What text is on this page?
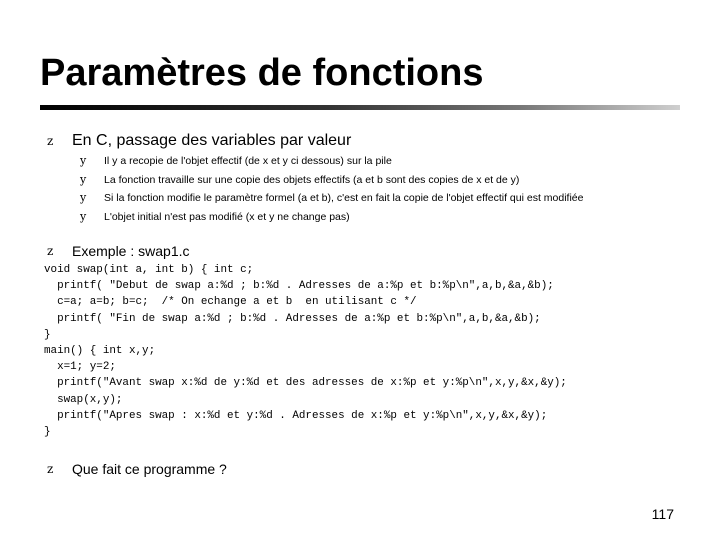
Paramètres de fonctions
z	En C, passage des variables par valeur
y	Il y a recopie de l'objet effectif (de x et y ci dessous) sur la pile
y	La fonction travaille sur une copie des objets effectifs (a et b sont des copies de x et de y)
y	Si la fonction modifie le paramètre formel (a et b), c'est en fait la copie de l'objet effectif qui est modifiée
y	L'objet initial n'est pas modifié (x et y ne change pas)
z	Exemple : swap1.c
void swap(int a, int b) { int c;
printf( "Debut de swap a:%d ; b:%d . Adresses de a:%p et b:%p\n",a,b,&a,&b);
c=a; a=b; b=c;  /* On echange a et b  en utilisant c */
printf( "Fin de swap a:%d ; b:%d . Adresses de a:%p et b:%p\n",a,b,&a,&b);
}
main() { int x,y;
x=1; y=2;
printf("Avant swap x:%d de y:%d et des adresses de x:%p et y:%p\n",x,y,&x,&y);
swap(x,y);
printf("Apres swap : x:%d et y:%d . Adresses de x:%p et y:%p\n",x,y,&x,&y);
}
z	Que fait ce programme ?
117
